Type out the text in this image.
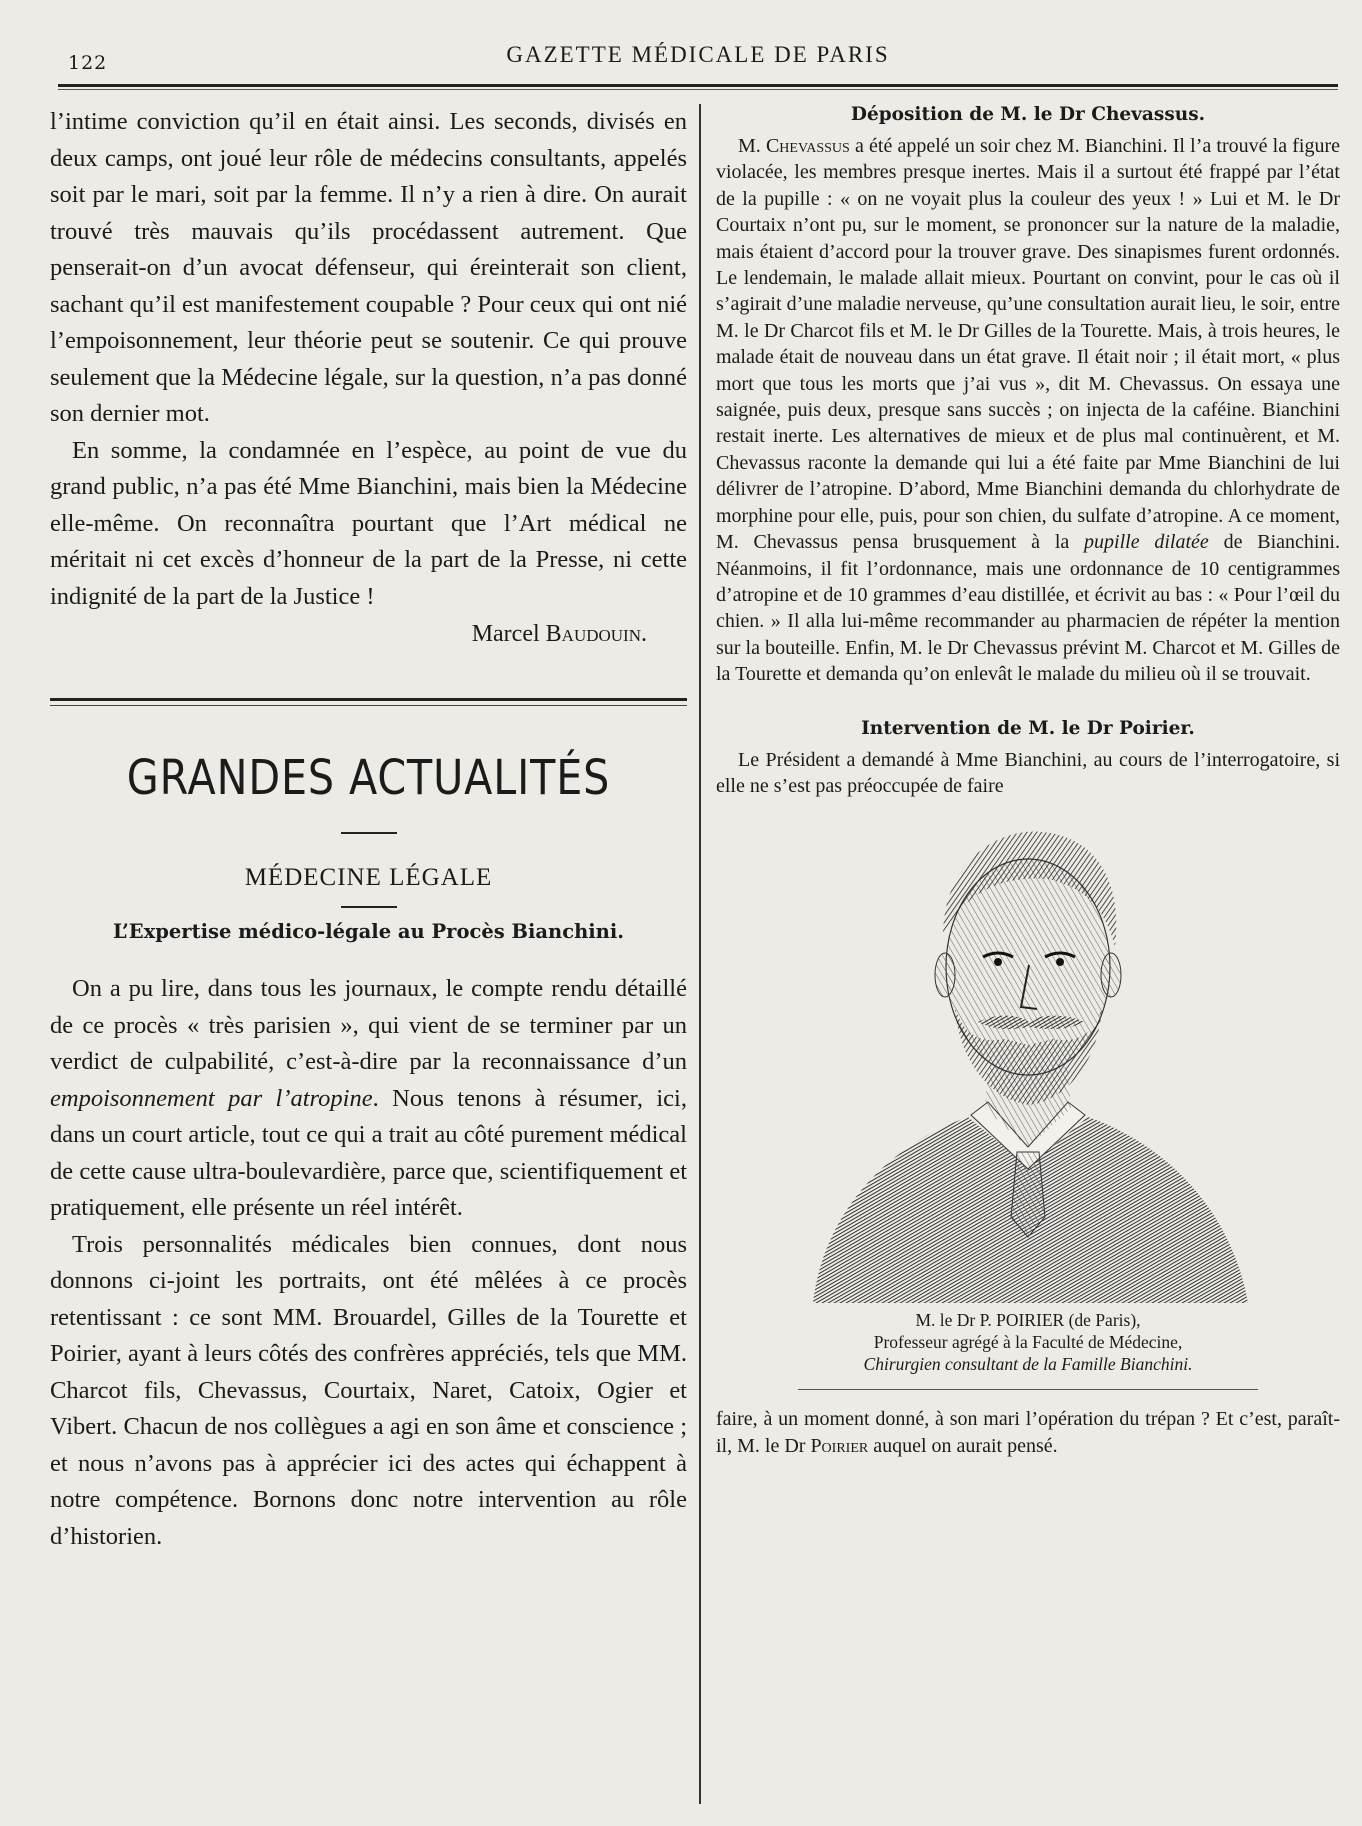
122	GAZETTE MÉDICALE DE PARIS

l’intime conviction qu’il en était ainsi. Les seconds, divisés en deux camps, ont joué leur rôle de médecins consultants, appelés soit par le mari, soit par la femme. Il n’y a rien à dire. On aurait trouvé très mauvais qu’ils procédassent autrement. Que penserait-on d’un avocat défenseur, qui éreinterait son client, sachant qu’il est manifestement coupable ? Pour ceux qui ont nié l’empoisonnement, leur théorie peut se soutenir. Ce qui prouve seulement que la Médecine légale, sur la question, n’a pas donné son dernier mot.

En somme, la condamnée en l’espèce, au point de vue du grand public, n’a pas été Mme Bianchini, mais bien la Médecine elle-même. On reconnaîtra pourtant que l’Art médical ne méritait ni cet excès d’honneur de la part de la Presse, ni cette indignité de la part de la Justice !

Marcel Baudouin.
GRANDES ACTUALITÉS
MÉDECINE LÉGALE
L’Expertise médico-légale au Procès Bianchini.

On a pu lire, dans tous les journaux, le compte rendu détaillé de ce procès « très parisien », qui vient de se terminer par un verdict de culpabilité, c’est-à-dire par la reconnaissance d’un empoisonnement par l’atropine. Nous tenons à résumer, ici, dans un court article, tout ce qui a trait au côté purement médical de cette cause ultra-boulevardière, parce que, scientifiquement et pratiquement, elle présente un réel intérêt.

Trois personnalités médicales bien connues, dont nous donnons ci-joint les portraits, ont été mêlées à ce procès retentissant : ce sont MM. Brouardel, Gilles de la Tourette et Poirier, ayant à leurs côtés des confrères appréciés, tels que MM. Charcot fils, Chevassus, Courtaix, Naret, Catoix, Ogier et Vibert. Chacun de nos collègues a agi en son âme et conscience ; et nous n’avons pas à apprécier ici des actes qui échappent à notre compétence. Bornons donc notre intervention au rôle d’historien.

Déposition de M. le Dr Chevassus.

M. Chevassus a été appelé un soir chez M. Bianchini. Il l’a trouvé la figure violacée, les membres presque inertes. Mais il a surtout été frappé par l’état de la pupille : « on ne voyait plus la couleur des yeux ! » Lui et M. le Dr Courtaix n’ont pu, sur le moment, se prononcer sur la nature de la maladie, mais étaient d’accord pour la trouver grave. Des sinapismes furent ordonnés. Le lendemain, le malade allait mieux. Pourtant on convint, pour le cas où il s’agirait d’une maladie nerveuse, qu’une consultation aurait lieu, le soir, entre M. le Dr Charcot fils et M. le Dr Gilles de la Tourette. Mais, à trois heures, le malade était de nouveau dans un état grave. Il était noir ; il était mort, « plus mort que tous les morts que j’ai vus », dit M. Chevassus. On essaya une saignée, puis deux, presque sans succès ; on injecta de la caféine. Bianchini restait inerte. Les alternatives de mieux et de plus mal continuèrent, et M. Chevassus raconte la demande qui lui a été faite par Mme Bianchini de lui délivrer de l’atropine. D’abord, Mme Bianchini demanda du chlorhydrate de morphine pour elle, puis, pour son chien, du sulfate d’atropine. A ce moment, M. Chevassus pensa brusquement à la pupille dilatée de Bianchini. Néanmoins, il fit l’ordonnance, mais une ordonnance de 10 centigrammes d’atropine et de 10 grammes d’eau distillée, et écrivit au bas : « Pour l’œil du chien. » Il alla lui-même recommander au pharmacien de répéter la mention sur la bouteille. Enfin, M. le Dr Chevassus prévint M. Charcot et M. Gilles de la Tourette et demanda qu’on enlevât le malade du milieu où il se trouvait.

Intervention de M. le Dr Poirier.

Le Président a demandé à Mme Bianchini, au cours de l’interrogatoire, si elle ne s’est pas préoccupée de faire

M. le Dr P. POIRIER (de Paris),
Professeur agrégé à la Faculté de Médecine,
Chirurgien consultant de la Famille Bianchini.

faire, à un moment donné, à son mari l’opération du trépan ? Et c’est, paraît-il, M. le Dr Poirier auquel on aurait pensé.
